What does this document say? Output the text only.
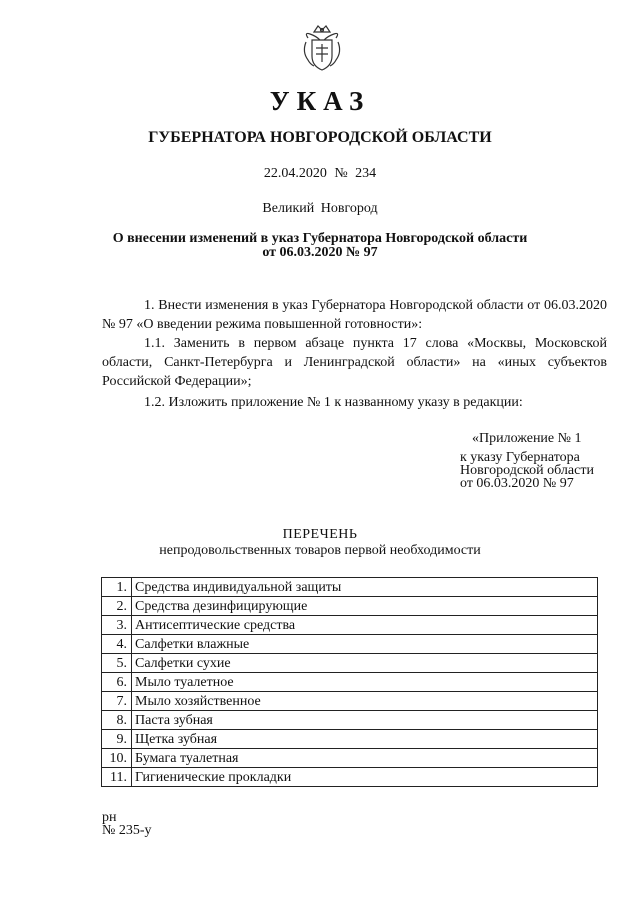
УКАЗ
ГУБЕРНАТОРА НОВГОРОДСКОЙ ОБЛАСТИ
22.04.2020 № 234
Великий Новгород
О внесении изменений в указ Губернатора Новгородской области
от 06.03.2020 № 97
1. Внести изменения в указ Губернатора Новгородской области от 06.03.2020 № 97 «О введении режима повышенной готовности»:
1.1. Заменить в первом абзаце пункта 17 слова «Москвы, Московской области, Санкт-Петербурга и Ленинградской области» на «иных субъектов Российской Федерации»;
1.2. Изложить приложение № 1 к названному указу в редакции:
«Приложение № 1
к указу Губернатора
Новгородской области
от 06.03.2020 № 97
ПЕРЕЧЕНЬ
непродовольственных товаров первой необходимости
1.	Средства индивидуальной защиты
2.	Средства дезинфицирующие
3.	Антисептические средства
4.	Салфетки влажные
5.	Салфетки сухие
6.	Мыло туалетное
7.	Мыло хозяйственное
8.	Паста зубная
9.	Щетка зубная
10.	Бумага туалетная
11.	Гигиенические прокладки
рн
№ 235-у
